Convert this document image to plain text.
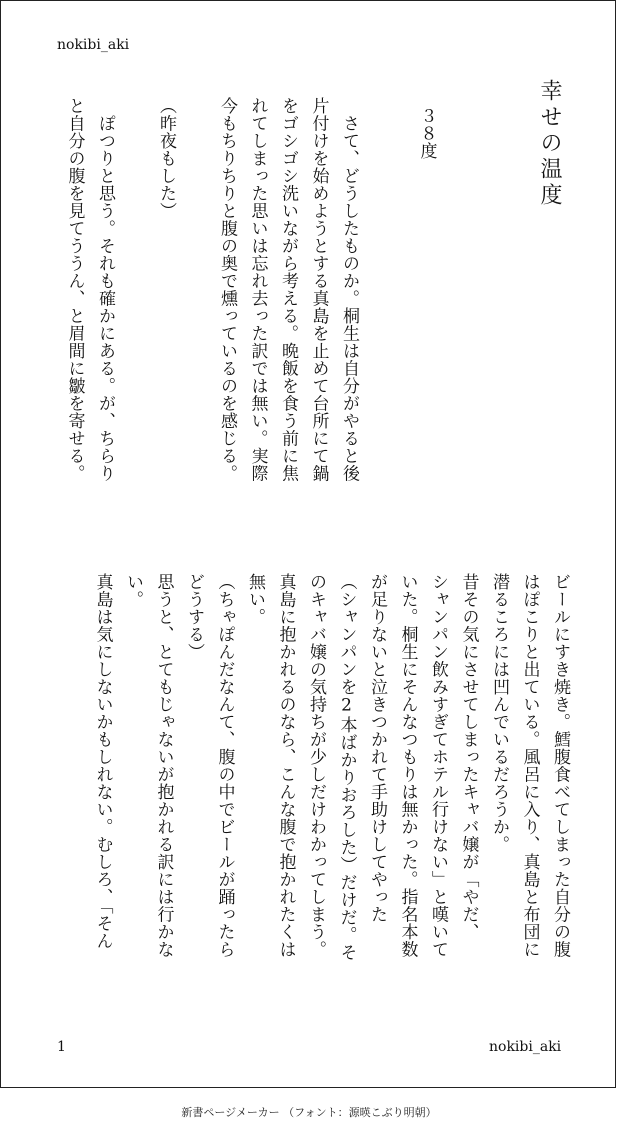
nokibi_aki
幸せの温度
３８度
　さて、どうしたものか。桐生は自分がやると後
片付けを始めようとする真島を止めて台所にて鍋
をゴシゴシ洗いながら考える。晩飯を食う前に焦
れてしまった思いは忘れ去った訳では無い。実際
今もちりちりと腹の奥で燻っているのを感じる。
（昨夜もした）
　ぽつりと思う。それも確かにある。が、ちらり
と自分の腹を見てううん、と眉間に皺を寄せる。
ビールにすき焼き。鱈腹食べてしまった自分の腹
はぽこりと出ている。風呂に入り、真島と布団に
潜るころには凹んでいるだろうか。
昔その気にさせてしまったキャバ嬢が「やだ、
シャンパン飲みすぎてホテル行けない」と嘆いて
いた。桐生にそんなつもりは無かった。指名本数
が足りないと泣きつかれて手助けしてやった
（シャンパンを2本ばかりおろした）だけだ。そ
のキャバ嬢の気持ちが少しだけわかってしまう。
真島に抱かれるのなら、こんな腹で抱かれたくは
無い。
（ちゃぽんだなんて、腹の中でビールが踊ったら
どうする）
思うと、とてもじゃないが抱かれる訳には行かな
い。
真島は気にしないかもしれない。むしろ、「そん
1	nokibi_aki
新書ページメーカー （フォント：源暎こぶり明朝）
